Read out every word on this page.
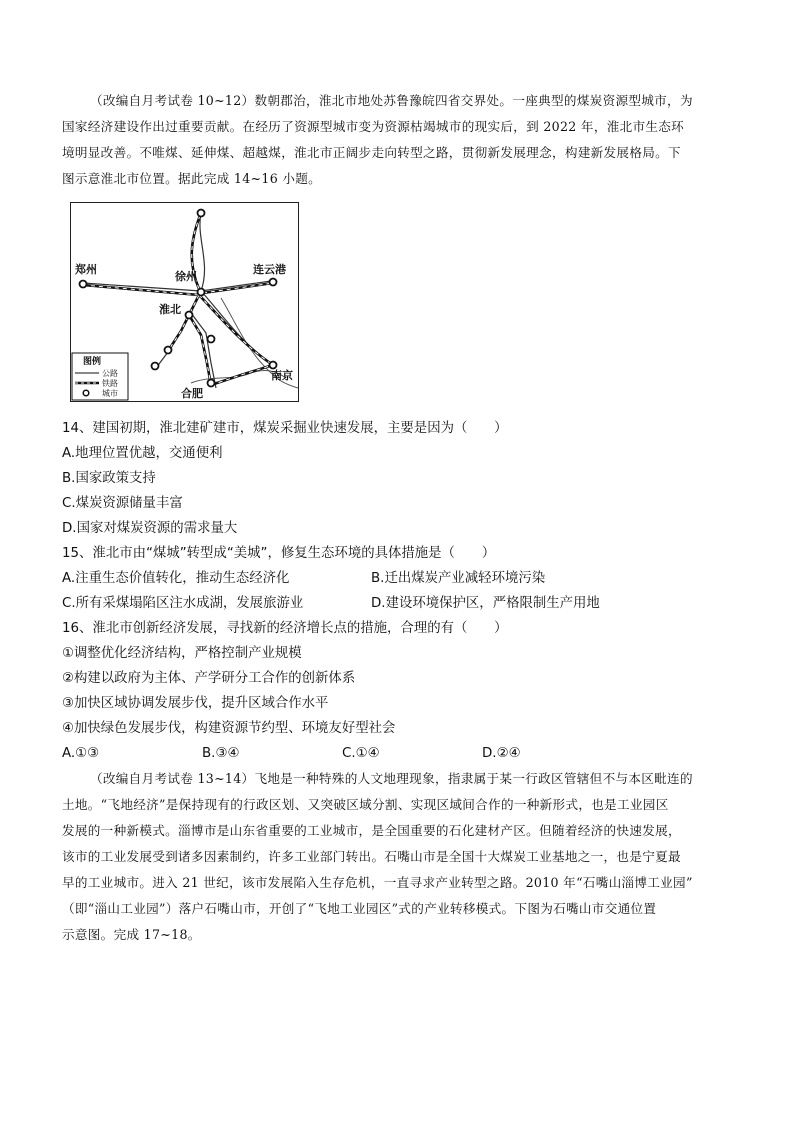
（改编自月考试卷 10~12）数朝郡治，淮北市地处苏鲁豫皖四省交界处。一座典型的煤炭资源型城市，为
国家经济建设作出过重要贡献。在经历了资源型城市变为资源枯竭城市的现实后，到 2022 年，淮北市生态环
境明显改善。不唯煤、延伸煤、超越煤，淮北市正阔步走向转型之路，贯彻新发展理念，构建新发展格局。下
图示意淮北市位置。据此完成 14~16 小题。
郑州
徐州
连云港
淮北
合肥
南京
图例
公路
铁路
城市
14、建国初期，淮北建矿建市，煤炭采掘业快速发展，主要是因为（　　）
A.地理位置优越，交通便利
B.国家政策支持
C.煤炭资源储量丰富
D.国家对煤炭资源的需求量大
15、淮北市由“煤城”转型成“美城”，修复生态环境的具体措施是（　　）
A.注重生态价值转化，推动生态经济化	B.迁出煤炭产业减轻环境污染
C.所有采煤塌陷区注水成湖，发展旅游业	D.建设环境保护区，严格限制生产用地
16、淮北市创新经济发展，寻找新的经济增长点的措施，合理的有（　　）
①调整优化经济结构，严格控制产业规模
②构建以政府为主体、产学研分工合作的创新体系
③加快区域协调发展步伐，提升区域合作水平
④加快绿色发展步伐，构建资源节约型、环境友好型社会
A.①③	B.③④	C.①④	D.②④
（改编自月考试卷 13~14）飞地是一种特殊的人文地理现象，指隶属于某一行政区管辖但不与本区毗连的
土地。“飞地经济”是保持现有的行政区划、又突破区域分割、实现区域间合作的一种新形式，也是工业园区
发展的一种新模式。淄博市是山东省重要的工业城市，是全国重要的石化建材产区。但随着经济的快速发展，
该市的工业发展受到诸多因素制约，许多工业部门转出。石嘴山市是全国十大煤炭工业基地之一，也是宁夏最
早的工业城市。进入 21 世纪，该市发展陷入生存危机，一直寻求产业转型之路。2010 年“石嘴山淄博工业园”
（即“淄山工业园”）落户石嘴山市，开创了“飞地工业园区”式的产业转移模式。下图为石嘴山市交通位置
示意图。完成 17~18。
